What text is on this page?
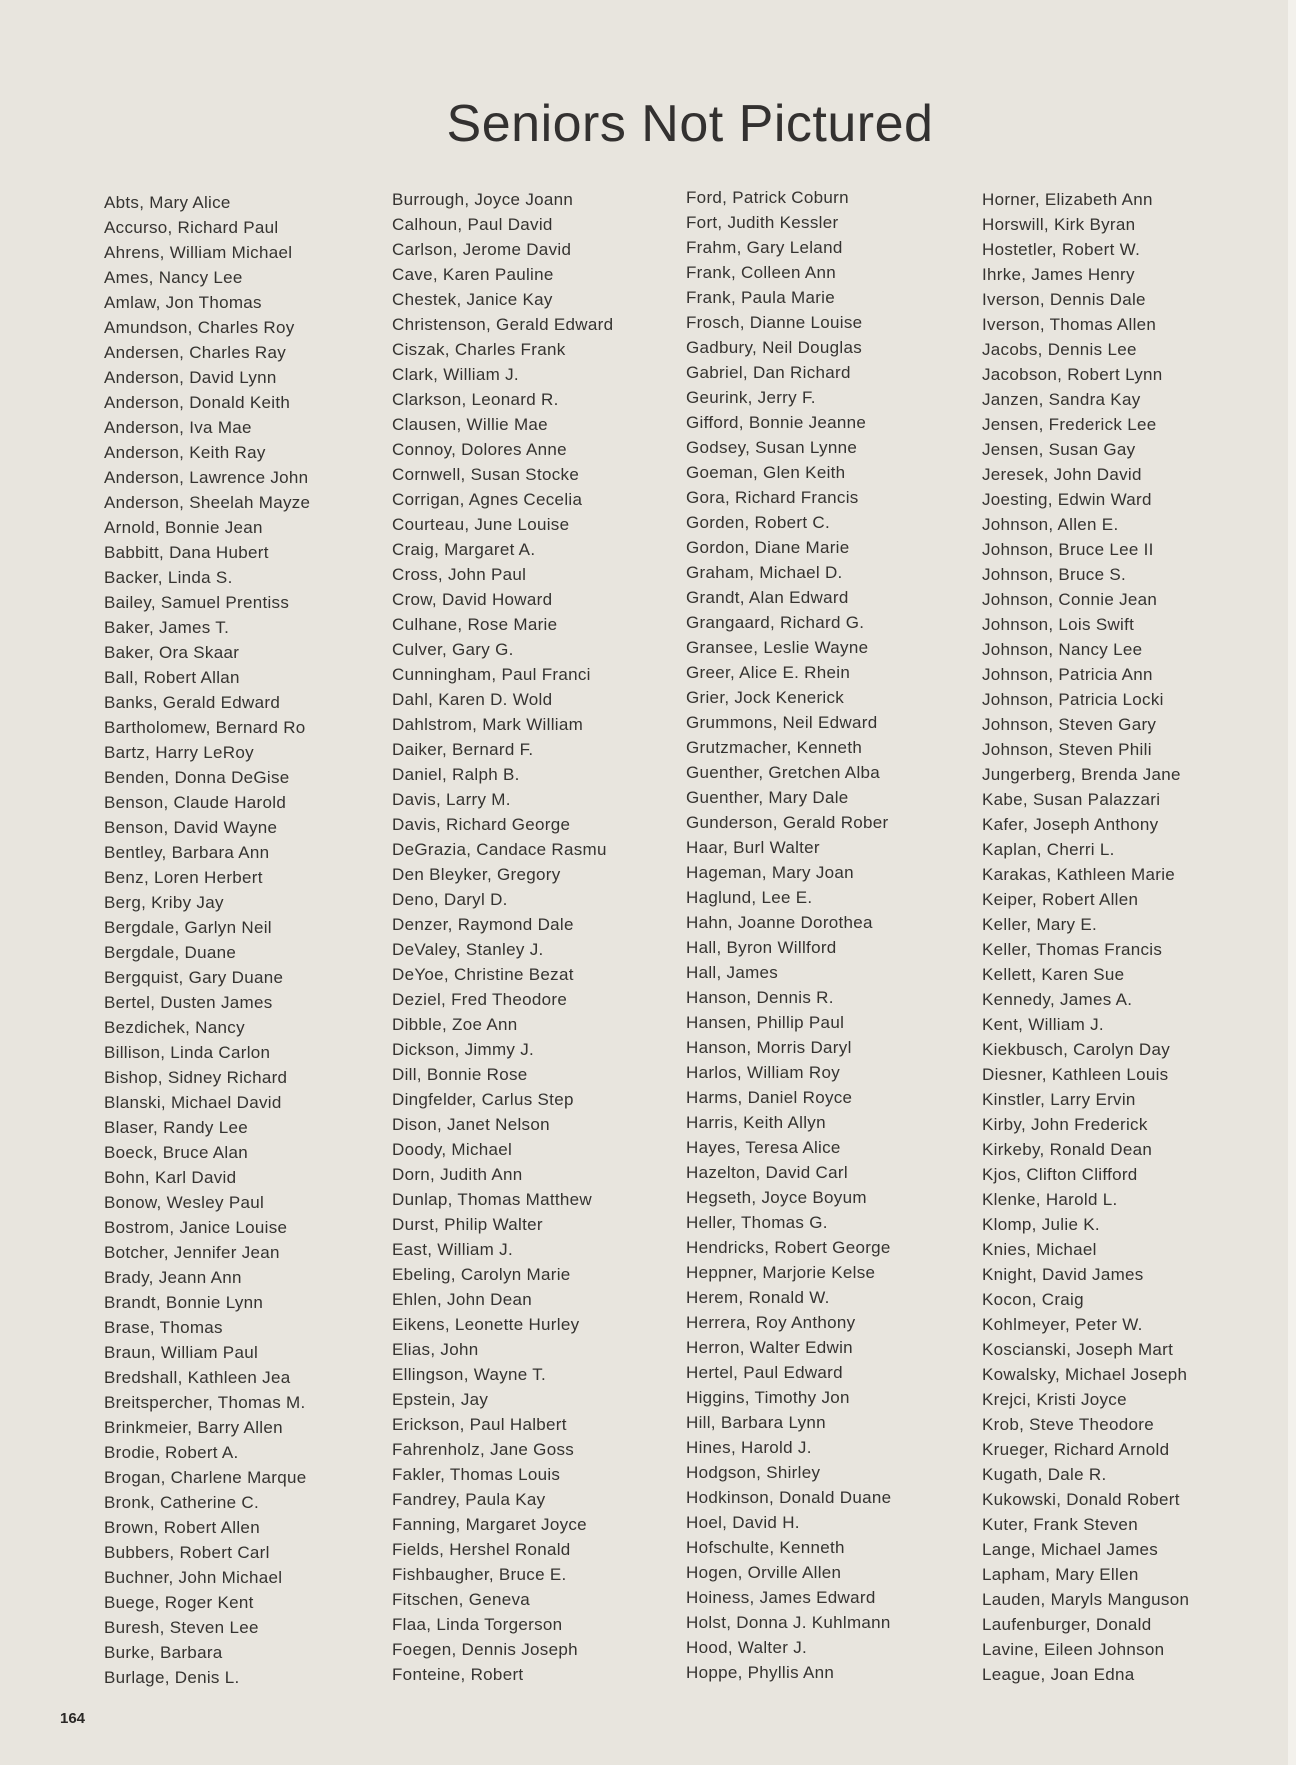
Seniors Not Pictured
Abts, Mary Alice
Accurso, Richard Paul
Ahrens, William Michael
Ames, Nancy Lee
Amlaw, Jon Thomas
Amundson, Charles Roy
Andersen, Charles Ray
Anderson, David Lynn
Anderson, Donald Keith
Anderson, Iva Mae
Anderson, Keith Ray
Anderson, Lawrence John
Anderson, Sheelah Mayze
Arnold, Bonnie Jean
Babbitt, Dana Hubert
Backer, Linda S.
Bailey, Samuel Prentiss
Baker, James T.
Baker, Ora Skaar
Ball, Robert Allan
Banks, Gerald Edward
Bartholomew, Bernard Ro
Bartz, Harry LeRoy
Benden, Donna DeGise
Benson, Claude Harold
Benson, David Wayne
Bentley, Barbara Ann
Benz, Loren Herbert
Berg, Kriby Jay
Bergdale, Garlyn Neil
Bergdale, Duane
Bergquist, Gary Duane
Bertel, Dusten James
Bezdichek, Nancy
Billison, Linda Carlon
Bishop, Sidney Richard
Blanski, Michael David
Blaser, Randy Lee
Boeck, Bruce Alan
Bohn, Karl David
Bonow, Wesley Paul
Bostrom, Janice Louise
Botcher, Jennifer Jean
Brady, Jeann Ann
Brandt, Bonnie Lynn
Brase, Thomas
Braun, William Paul
Bredshall, Kathleen Jea
Breitspercher, Thomas M.
Brinkmeier, Barry Allen
Brodie, Robert A.
Brogan, Charlene Marque
Bronk, Catherine C.
Brown, Robert Allen
Bubbers, Robert Carl
Buchner, John Michael
Buege, Roger Kent
Buresh, Steven Lee
Burke, Barbara
Burlage, Denis L.
Burrough, Joyce Joann
Calhoun, Paul David
Carlson, Jerome David
Cave, Karen Pauline
Chestek, Janice Kay
Christenson, Gerald Edward
Ciszak, Charles Frank
Clark, William J.
Clarkson, Leonard R.
Clausen, Willie Mae
Connoy, Dolores Anne
Cornwell, Susan Stocke
Corrigan, Agnes Cecelia
Courteau, June Louise
Craig, Margaret A.
Cross, John Paul
Crow, David Howard
Culhane, Rose Marie
Culver, Gary G.
Cunningham, Paul Franci
Dahl, Karen D. Wold
Dahlstrom, Mark William
Daiker, Bernard F.
Daniel, Ralph B.
Davis, Larry M.
Davis, Richard George
DeGrazia, Candace Rasmu
Den Bleyker, Gregory
Deno, Daryl D.
Denzer, Raymond Dale
DeValey, Stanley J.
DeYoe, Christine Bezat
Deziel, Fred Theodore
Dibble, Zoe Ann
Dickson, Jimmy J.
Dill, Bonnie Rose
Dingfelder, Carlus Step
Dison, Janet Nelson
Doody, Michael
Dorn, Judith Ann
Dunlap, Thomas Matthew
Durst, Philip Walter
East, William J.
Ebeling, Carolyn Marie
Ehlen, John Dean
Eikens, Leonette Hurley
Elias, John
Ellingson, Wayne T.
Epstein, Jay
Erickson, Paul Halbert
Fahrenholz, Jane Goss
Fakler, Thomas Louis
Fandrey, Paula Kay
Fanning, Margaret Joyce
Fields, Hershel Ronald
Fishbaugher, Bruce E.
Fitschen, Geneva
Flaa, Linda Torgerson
Foegen, Dennis Joseph
Fonteine, Robert
Ford, Patrick Coburn
Fort, Judith Kessler
Frahm, Gary Leland
Frank, Colleen Ann
Frank, Paula Marie
Frosch, Dianne Louise
Gadbury, Neil Douglas
Gabriel, Dan Richard
Geurink, Jerry F.
Gifford, Bonnie Jeanne
Godsey, Susan Lynne
Goeman, Glen Keith
Gora, Richard Francis
Gorden, Robert C.
Gordon, Diane Marie
Graham, Michael D.
Grandt, Alan Edward
Grangaard, Richard G.
Gransee, Leslie Wayne
Greer, Alice E. Rhein
Grier, Jock Kenerick
Grummons, Neil Edward
Grutzmacher, Kenneth
Guenther, Gretchen Alba
Guenther, Mary Dale
Gunderson, Gerald Rober
Haar, Burl Walter
Hageman, Mary Joan
Haglund, Lee E.
Hahn, Joanne Dorothea
Hall, Byron Willford
Hall, James
Hanson, Dennis R.
Hansen, Phillip Paul
Hanson, Morris Daryl
Harlos, William Roy
Harms, Daniel Royce
Harris, Keith Allyn
Hayes, Teresa Alice
Hazelton, David Carl
Hegseth, Joyce Boyum
Heller, Thomas G.
Hendricks, Robert George
Heppner, Marjorie Kelse
Herem, Ronald W.
Herrera, Roy Anthony
Herron, Walter Edwin
Hertel, Paul Edward
Higgins, Timothy Jon
Hill, Barbara Lynn
Hines, Harold J.
Hodgson, Shirley
Hodkinson, Donald Duane
Hoel, David H.
Hofschulte, Kenneth
Hogen, Orville Allen
Hoiness, James Edward
Holst, Donna J. Kuhlmann
Hood, Walter J.
Hoppe, Phyllis Ann
Horner, Elizabeth Ann
Horswill, Kirk Byran
Hostetler, Robert W.
Ihrke, James Henry
Iverson, Dennis Dale
Iverson, Thomas Allen
Jacobs, Dennis Lee
Jacobson, Robert Lynn
Janzen, Sandra Kay
Jensen, Frederick Lee
Jensen, Susan Gay
Jeresek, John David
Joesting, Edwin Ward
Johnson, Allen E.
Johnson, Bruce Lee II
Johnson, Bruce S.
Johnson, Connie Jean
Johnson, Lois Swift
Johnson, Nancy Lee
Johnson, Patricia Ann
Johnson, Patricia Locki
Johnson, Steven Gary
Johnson, Steven Phili
Jungerberg, Brenda Jane
Kabe, Susan Palazzari
Kafer, Joseph Anthony
Kaplan, Cherri L.
Karakas, Kathleen Marie
Keiper, Robert Allen
Keller, Mary E.
Keller, Thomas Francis
Kellett, Karen Sue
Kennedy, James A.
Kent, William J.
Kiekbusch, Carolyn Day
Diesner, Kathleen Louis
Kinstler, Larry Ervin
Kirby, John Frederick
Kirkeby, Ronald Dean
Kjos, Clifton Clifford
Klenke, Harold L.
Klomp, Julie K.
Knies, Michael
Knight, David James
Kocon, Craig
Kohlmeyer, Peter W.
Koscianski, Joseph Mart
Kowalsky, Michael Joseph
Krejci, Kristi Joyce
Krob, Steve Theodore
Krueger, Richard Arnold
Kugath, Dale R.
Kukowski, Donald Robert
Kuter, Frank Steven
Lange, Michael James
Lapham, Mary Ellen
Lauden, Maryls Manguson
Laufenburger, Donald
Lavine, Eileen Johnson
League, Joan Edna
164
